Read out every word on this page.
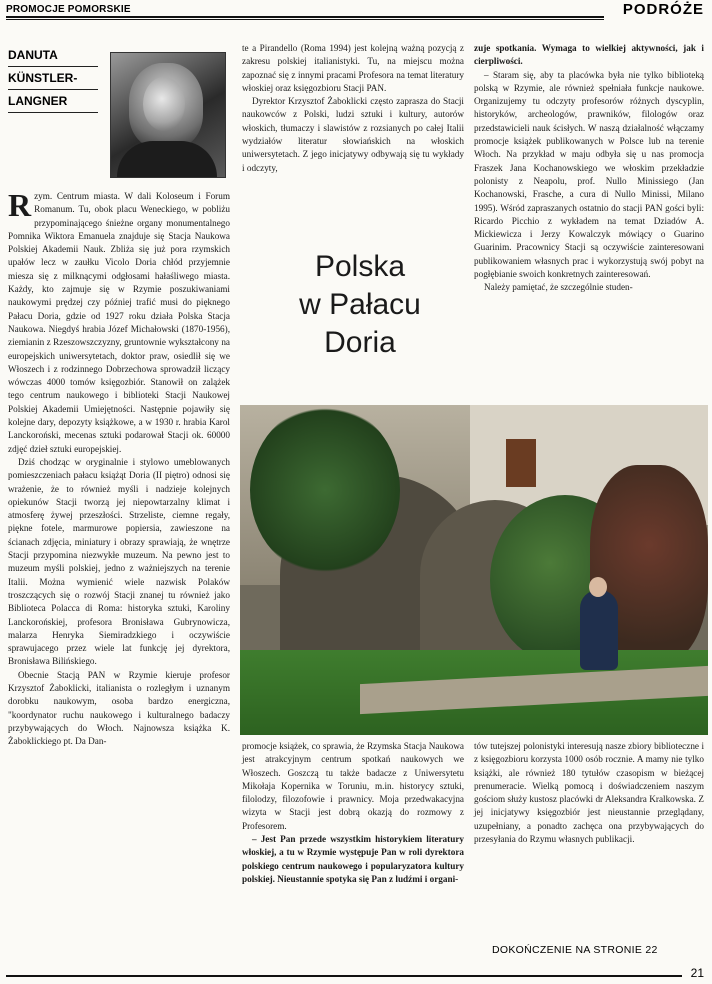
PROMOCJE POMORSKIE	PODRÓŻE
DANUTA
KÜNSTLER-
LANGNER

Rzym. Centrum miasta. W dali Koloseum i Forum Romanum. Tu, obok placu Weneckiego, w pobliżu przypominającego śnieżne organy monumentalnego Pomnika Wiktora Emanuela znajduje się Stacja Naukowa Polskiej Akademii Nauk. Zbliża się już pora rzymskich upałów lecz w zaułku Vicolo Doria chłód przyjemnie miesza się z milknącymi odgłosami hałaśliwego miasta. Każdy, kto zajmuje się w Rzymie poszukiwaniami naukowymi prędzej czy później trafić musi do pięknego Pałacu Doria, gdzie od 1927 roku działa Polska Stacja Naukowa. Niegdyś hrabia Józef Michałowski (1870-1956), ziemianin z Rzeszowszczyzny, gruntownie wykształcony na europejskich uniwersytetach, doktor praw, osiedlił się we Włoszech i z rodzinnego Dobrzechowa sprowadził liczący wówczas 4000 tomów księgozbiór. Stanowił on zalążek tego centrum naukowego i biblioteki Stacji Naukowej Polskiej Akademii Umiejętności. Następnie pojawiły się kolejne dary, depozyty książkowe, a w 1930 r. hrabia Karol Lanckoroński, mecenas sztuki podarował Stacji ok. 60000 zdjęć dzieł sztuki europejskiej.

Dziś chodząc w oryginalnie i stylowo umeblowanych pomieszczeniach pałacu książąt Doria (II piętro) odnosi się wrażenie, że to również myśli i nadzieje kolejnych opiekunów Stacji tworzą jej niepowtarzalny klimat i atmosferę żywej przeszłości. Strzeliste, ciemne regały, piękne fotele, marmurowe popiersia, zawieszone na ścianach zdjęcia, miniatury i obrazy sprawiają, że wnętrze Stacji przypomina niezwykłe muzeum. Na pewno jest to muzeum myśli polskiej, jedno z ważniejszych na terenie Italii. Można wymienić wiele nazwisk Polaków troszczących się o rozwój Stacji znanej tu również jako Biblioteca Polacca di Roma: historyka sztuki, Karoliny Lanckorońskiej, profesora Bronisława Gubrynowicza, malarza Henryka Siemiradzkiego i oczywiście sprawujacego przez wiele lat funkcję jej dyrektora, Bronisława Bilińskiego.

Obecnie Stacją PAN w Rzymie kieruje profesor Krzysztof Żaboklicki, italianista o rozległym i uznanym dorobku naukowym, osoba bardzo energiczna, "koordynator ruchu naukowego i kulturalnego badaczy przybywających do Włoch. Najnowsza książka K. Żaboklickiego pt. Da Dan-

te a Pirandello (Roma 1994) jest kolejną ważną pozycją z zakresu polskiej italianistyki. Tu, na miejscu można zapoznać się z innymi pracami Profesora na temat literatury włoskiej oraz księgozbioru Stacji PAN.

Dyrektor Krzysztof Żaboklicki często zaprasza do Stacji naukowców z Polski, ludzi sztuki i kultury, autorów włoskich, tłumaczy i slawistów z rozsianych po całej Italii wydziałów literatur słowiańskich na włoskich uniwersytetach. Z jego inicjatywy odbywają się tu wykłady i odczyty,

Polska
w Pałacu
Doria

zuje spotkania. Wymaga to wielkiej aktywności, jak i cierpliwości.

– Staram się, aby ta placówka była nie tylko biblioteką polską w Rzymie, ale również spełniała funkcje naukowe. Organizujemy tu odczyty profesorów różnych dyscyplin, historyków, archeologów, prawników, filologów oraz przedstawicieli nauk ścisłych. W naszą działalność włączamy promocje książek publikowanych w Polsce lub na terenie Włoch. Na przykład w maju odbyła się u nas promocja Fraszek Jana Kochanowskiego we włoskim przekładzie polonisty z Neapolu, prof. Nullo Minissiego (Jan Kochanowski, Frasche, a cura di Nullo Minissi, Milano 1995). Wśród zapraszanych ostatnio do stacji PAN gości byli: Ricardo Picchio z wykładem na temat Dziadów A. Mickiewicza i Jerzy Kowalczyk mówiący o Guarino Guarinim. Pracownicy Stacji są oczywiście zainteresowani publikowaniem własnych prac i wykorzystują swój pobyt na pogłębianie swoich konkretnych zainteresowań.

Należy pamiętać, że szczególnie studen-

promocje książek, co sprawia, że Rzymska Stacja Naukowa jest atrakcyjnym centrum spotkań naukowych we Włoszech. Goszczą tu także badacze z Uniwersytetu Mikołaja Kopernika w Toruniu, m.in. historycy sztuki, filolodzy, filozofowie i prawnicy. Moja przedwakacyjna wizyta w Stacji jest dobrą okazją do rozmowy z Profesorem.

– Jest Pan przede wszystkim historykiem literatury włoskiej, a tu w Rzymie występuje Pan w roli dyrektora polskiego centrum naukowego i popularyzatora kultury polskiej. Nieustannie spotyka się Pan z ludźmi i organi-

tów tutejszej polonistyki interesują nasze zbiory biblioteczne i z księgozbioru korzysta 1000 osób rocznie. A mamy nie tylko książki, ale również 180 tytułów czasopism w bieżącej prenumeracie. Wielką pomocą i doświadczeniem naszym gościom służy kustosz placówki dr Aleksandra Kralkowska. Z jej inicjatywy księgozbiór jest nieustannie przeglądany, uzupełniany, a ponadto zachęca ona przybywających do przesyłania do Rzymu własnych publikacji.

DOKOŃCZENIE NA STRONIE 22
21
